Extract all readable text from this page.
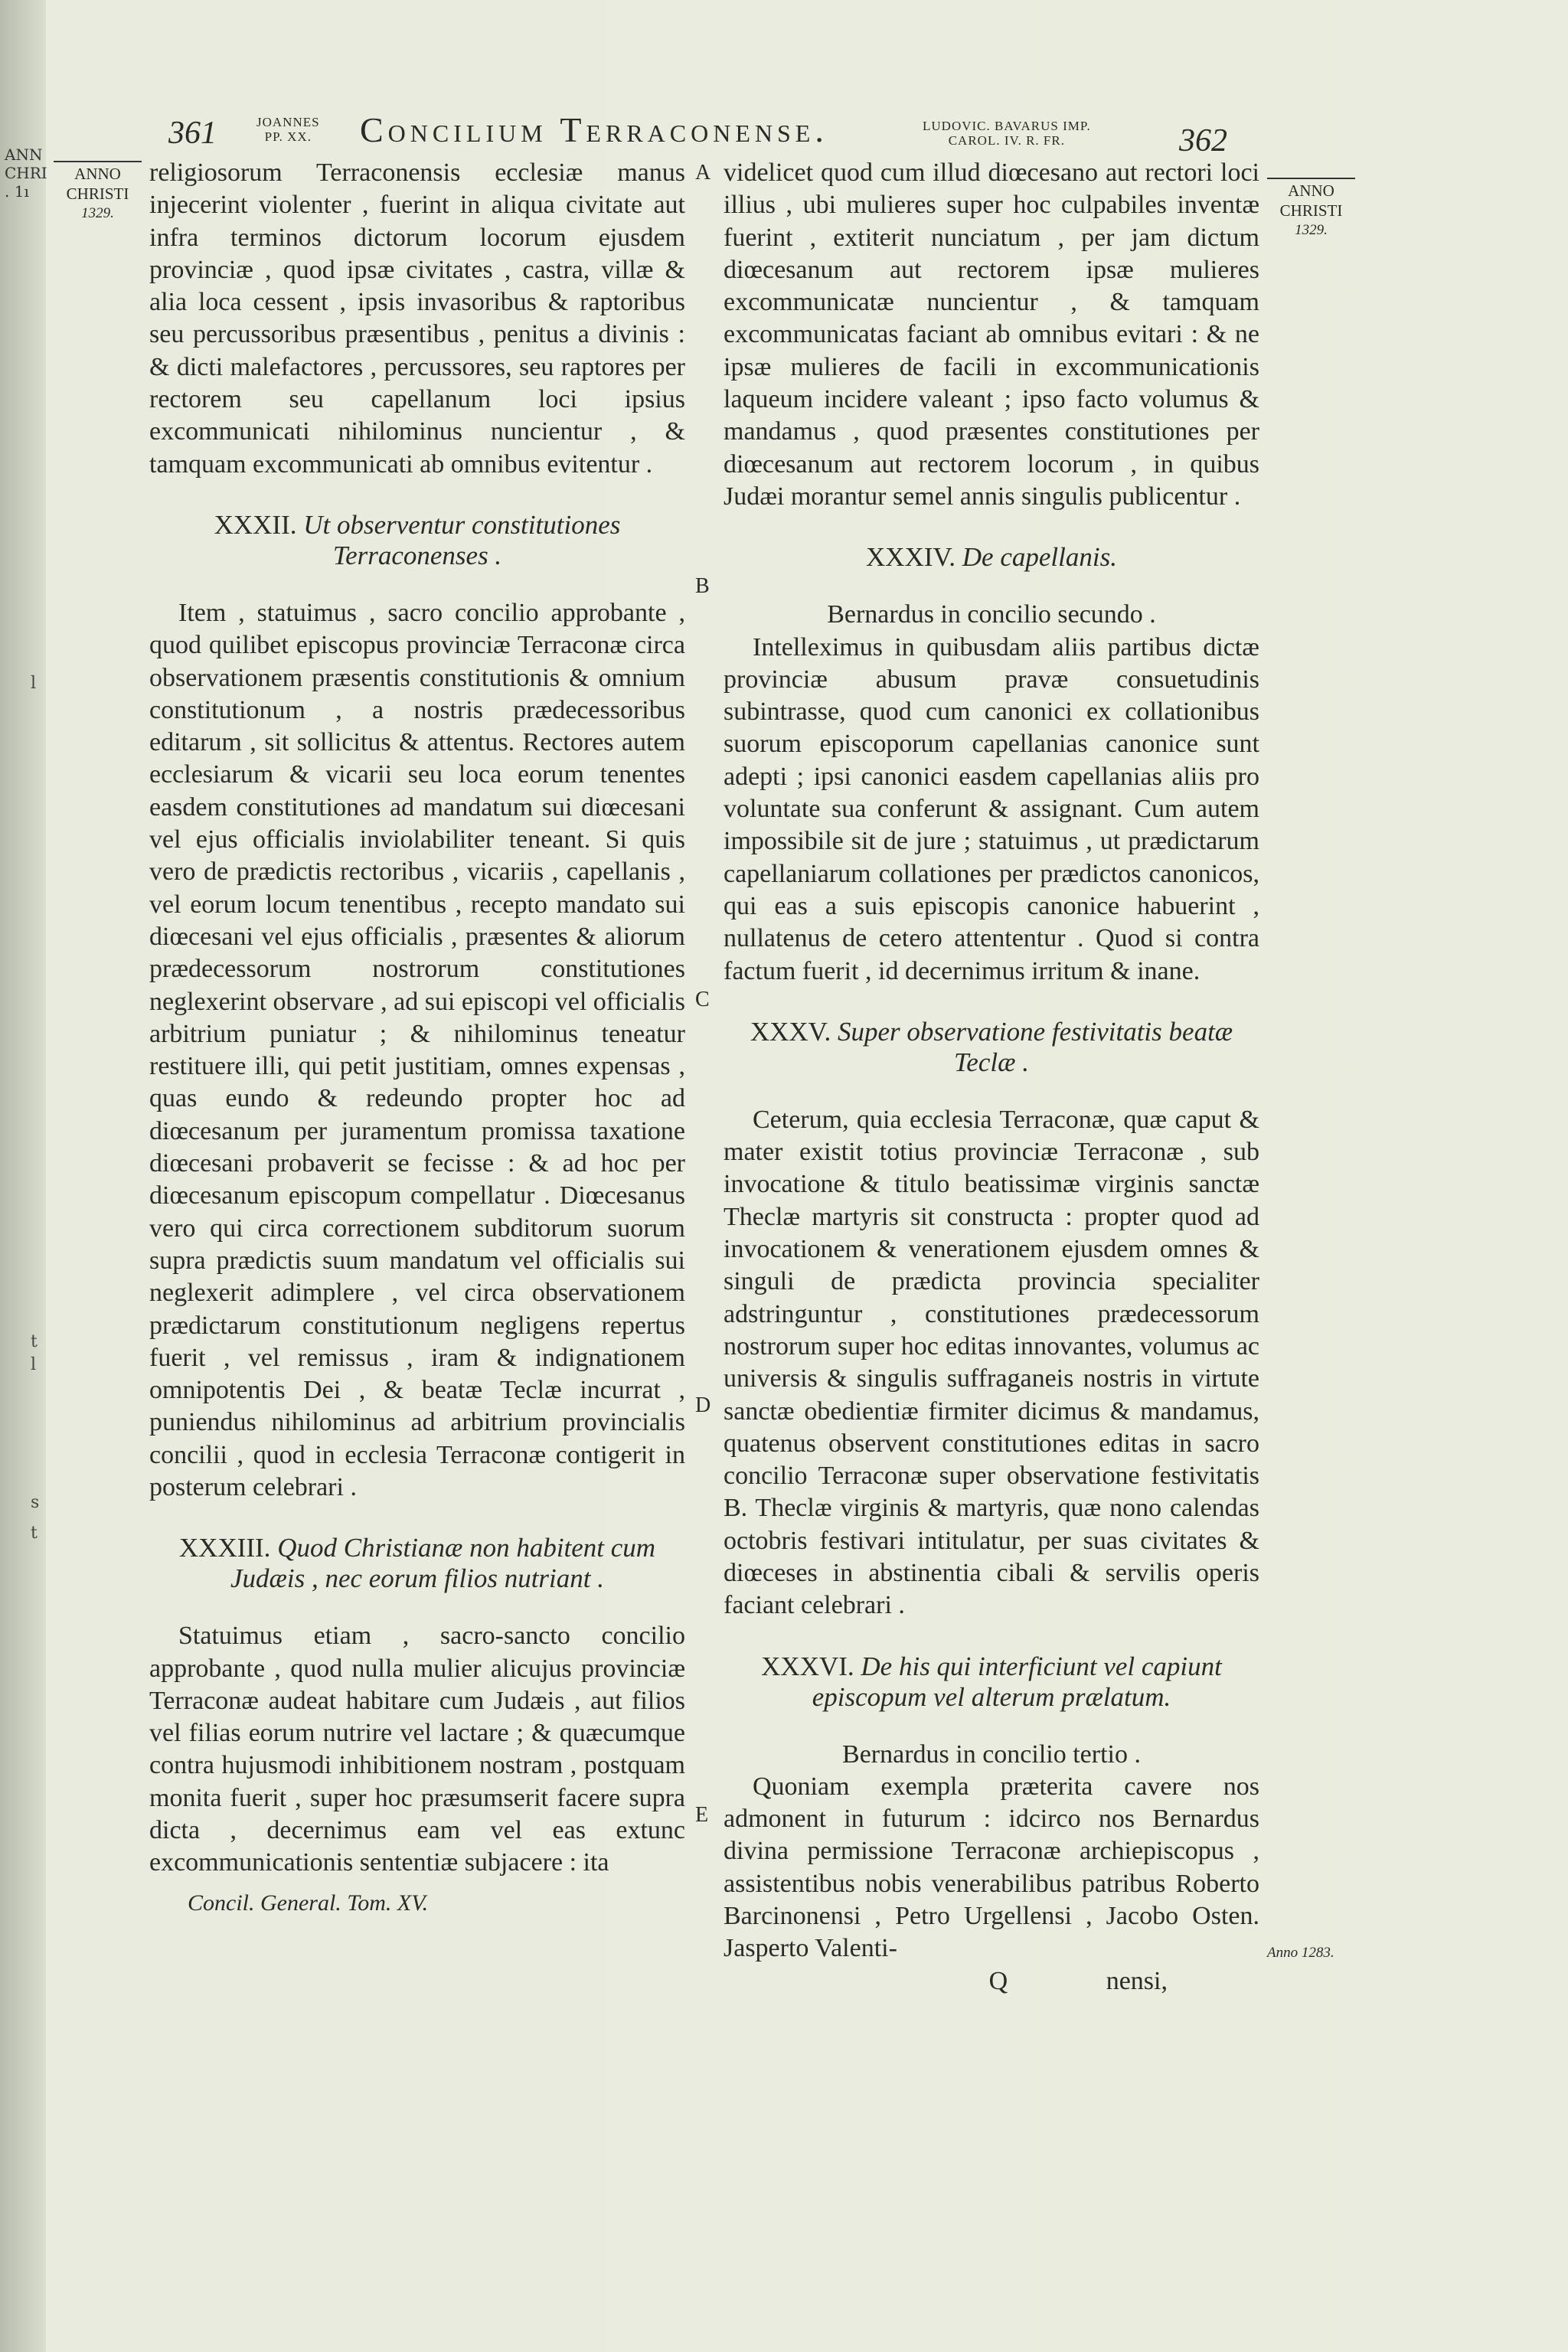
ANN
CHRI
. 1ı
l
t
l
s
t
361	JOANNES
PP. XX. Concilium Terraconense.	LUDOVIC. BAVARUS IMP.
CAROL. IV. R. FR.	362
ANNO
CHRISTI
1329.
ANNO
CHRISTI
1329.
A
B
C
D
E
Anno 1283.

religiosorum Terraconensis ecclesiæ manus injecerint violenter , fuerint in aliqua civitate aut infra terminos dictorum locorum ejusdem provinciæ , quod ipsæ civitates , castra, villæ & alia loca cessent , ipsis invasoribus & raptoribus seu percussoribus præsentibus , penitus a divinis : & dicti malefactores , percussores, seu raptores per rectorem seu capellanum loci ipsius excommunicati nihilominus nuncientur , & tamquam excommunicati ab omnibus evitentur .

XXXII. Ut observentur constitutiones Terraconenses .

Item , statuimus , sacro concilio approbante , quod quilibet episcopus provinciæ Terraconæ circa observationem præsentis constitutionis & omnium constitutionum , a nostris prædecessoribus editarum , sit sollicitus & attentus. Rectores autem ecclesiarum & vicarii seu loca eorum tenentes easdem constitutiones ad mandatum sui diœcesani vel ejus officialis inviolabiliter teneant. Si quis vero de prædictis rectoribus , vicariis , capellanis , vel eorum locum tenentibus , recepto mandato sui diœcesani vel ejus officialis , præsentes & aliorum prædecessorum nostrorum constitutiones neglexerint observare , ad sui episcopi vel officialis arbitrium puniatur ; & nihilominus teneatur restituere illi, qui petit justitiam, omnes expensas , quas eundo & redeundo propter hoc ad diœcesanum per juramentum promissa taxatione diœcesani probaverit se fecisse : & ad hoc per diœcesanum episcopum compellatur . Diœcesanus vero qui circa correctionem subditorum suorum supra prædictis suum mandatum vel officialis sui neglexerit adimplere , vel circa observationem prædictarum constitutionum negligens repertus fuerit , vel remissus , iram & indignationem omnipotentis Dei , & beatæ Teclæ incurrat , puniendus nihilominus ad arbitrium provincialis concilii , quod in ecclesia Terraconæ contigerit in posterum celebrari .

XXXIII. Quod Christianæ non habitent cum Judæis , nec eorum filios nutriant .

Statuimus etiam , sacro-sancto concilio approbante , quod nulla mulier alicujus provinciæ Terraconæ audeat habitare cum Judæis , aut filios vel filias eorum nutrire vel lactare ; & quæcumque contra hujusmodi inhibitionem nostram , postquam monita fuerit , super hoc præsumserit facere supra dicta , decernimus eam vel eas extunc excommunicationis sententiæ subjacere : ita

Concil. General. Tom. XV.

videlicet quod cum illud diœcesano aut rectori loci illius , ubi mulieres super hoc culpabiles inventæ fuerint , extiterit nunciatum , per jam dictum diœcesanum aut rectorem ipsæ mulieres excommunicatæ nuncientur , & tamquam excommunicatas faciant ab omnibus evitari : & ne ipsæ mulieres de facili in excommunicationis laqueum incidere valeant ; ipso facto volumus & mandamus , quod præsentes constitutiones per diœcesanum aut rectorem locorum , in quibus Judæi morantur semel annis singulis publicentur .

XXXIV. De capellanis.

Bernardus in concilio secundo .

Intelleximus in quibusdam aliis partibus dictæ provinciæ abusum pravæ consuetudinis subintrasse, quod cum canonici ex collationibus suorum episcoporum capellanias canonice sunt adepti ; ipsi canonici easdem capellanias aliis pro voluntate sua conferunt & assignant. Cum autem impossibile sit de jure ; statuimus , ut prædictarum capellaniarum collationes per prædictos canonicos, qui eas a suis episcopis canonice habuerint , nullatenus de cetero attententur . Quod si contra factum fuerit , id decernimus irritum & inane.

XXXV. Super observatione festivitatis beatæ Teclæ .

Ceterum, quia ecclesia Terraconæ, quæ caput & mater existit totius provinciæ Terraconæ , sub invocatione & titulo beatissimæ virginis sanctæ Theclæ martyris sit constructa : propter quod ad invocationem & venerationem ejusdem omnes & singuli de prædicta provincia specialiter adstringuntur , constitutiones prædecessorum nostrorum super hoc editas innovantes, volumus ac universis & singulis suffraganeis nostris in virtute sanctæ obedientiæ firmiter dicimus & mandamus, quatenus observent constitutiones editas in sacro concilio Terraconæ super observatione festivitatis B. Theclæ virginis & martyris, quæ nono calendas octobris festivari intitulatur, per suas civitates & diœceses in abstinentia cibali & servilis operis faciant celebrari .

XXXVI. De his qui interficiunt vel capiunt episcopum vel alterum prælatum.

Bernardus in concilio tertio .

Quoniam exempla præterita cavere nos admonent in futurum : idcirco nos Bernardus divina permissione Terraconæ archiepiscopus , assistentibus nobis venerabilibus patribus Roberto Barcinonensi , Petro Urgellensi , Jacobo Osten. Jasperto Valenti-

Q	nensi,
